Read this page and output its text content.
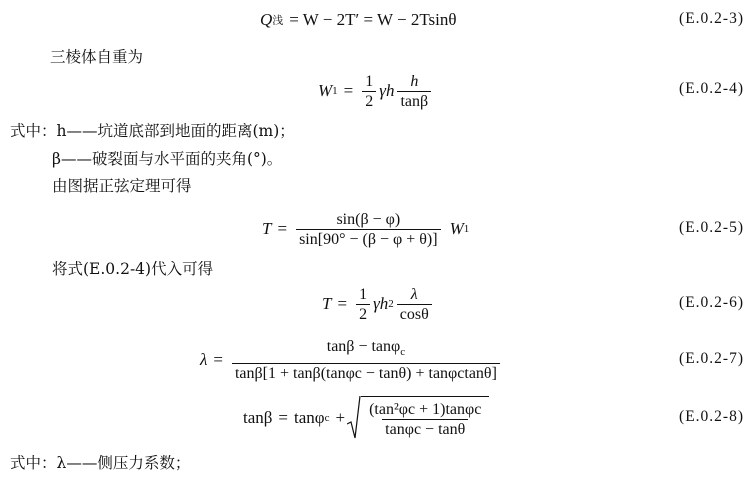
Q 浅 = W − 2T′ = W − 2Tsinθ	(E.0.2-3)
三棱体自重为
W $1 = \frac{1}{2}$ γh $\frac{h}{\tan\beta}$	(E.0.2-4)
式中：h——坑道底部到地面的距离(m)；
β——破裂面与水平面的夹角(°)。
由图据正弦定理可得
$T = \frac{\sin(\beta - \varphi)}{\sin[90^\circ - (\beta - \varphi + \theta)]}$ W 1	(E.0.2-5)
将式(E.0.2-4)代入可得
$T = \frac{1}{2}$ γh $2 \frac{\lambda}{\cos\theta}$	(E.0.2-6)
$\lambda = \frac{\tan\beta - \tan\varphi_c}{\tan\beta[1 + \tan\beta(\tan\varphi c - \tan\theta) + \tan\varphi ctan\theta]}$	(E.0.2-7)
tanβ = tanφ $c + \frac{\text{(tan²φc + 1)tanφc}}{\tan\varphi c - \tan\theta}$	(E.0.2-8)
式中：λ——侧压力系数；
